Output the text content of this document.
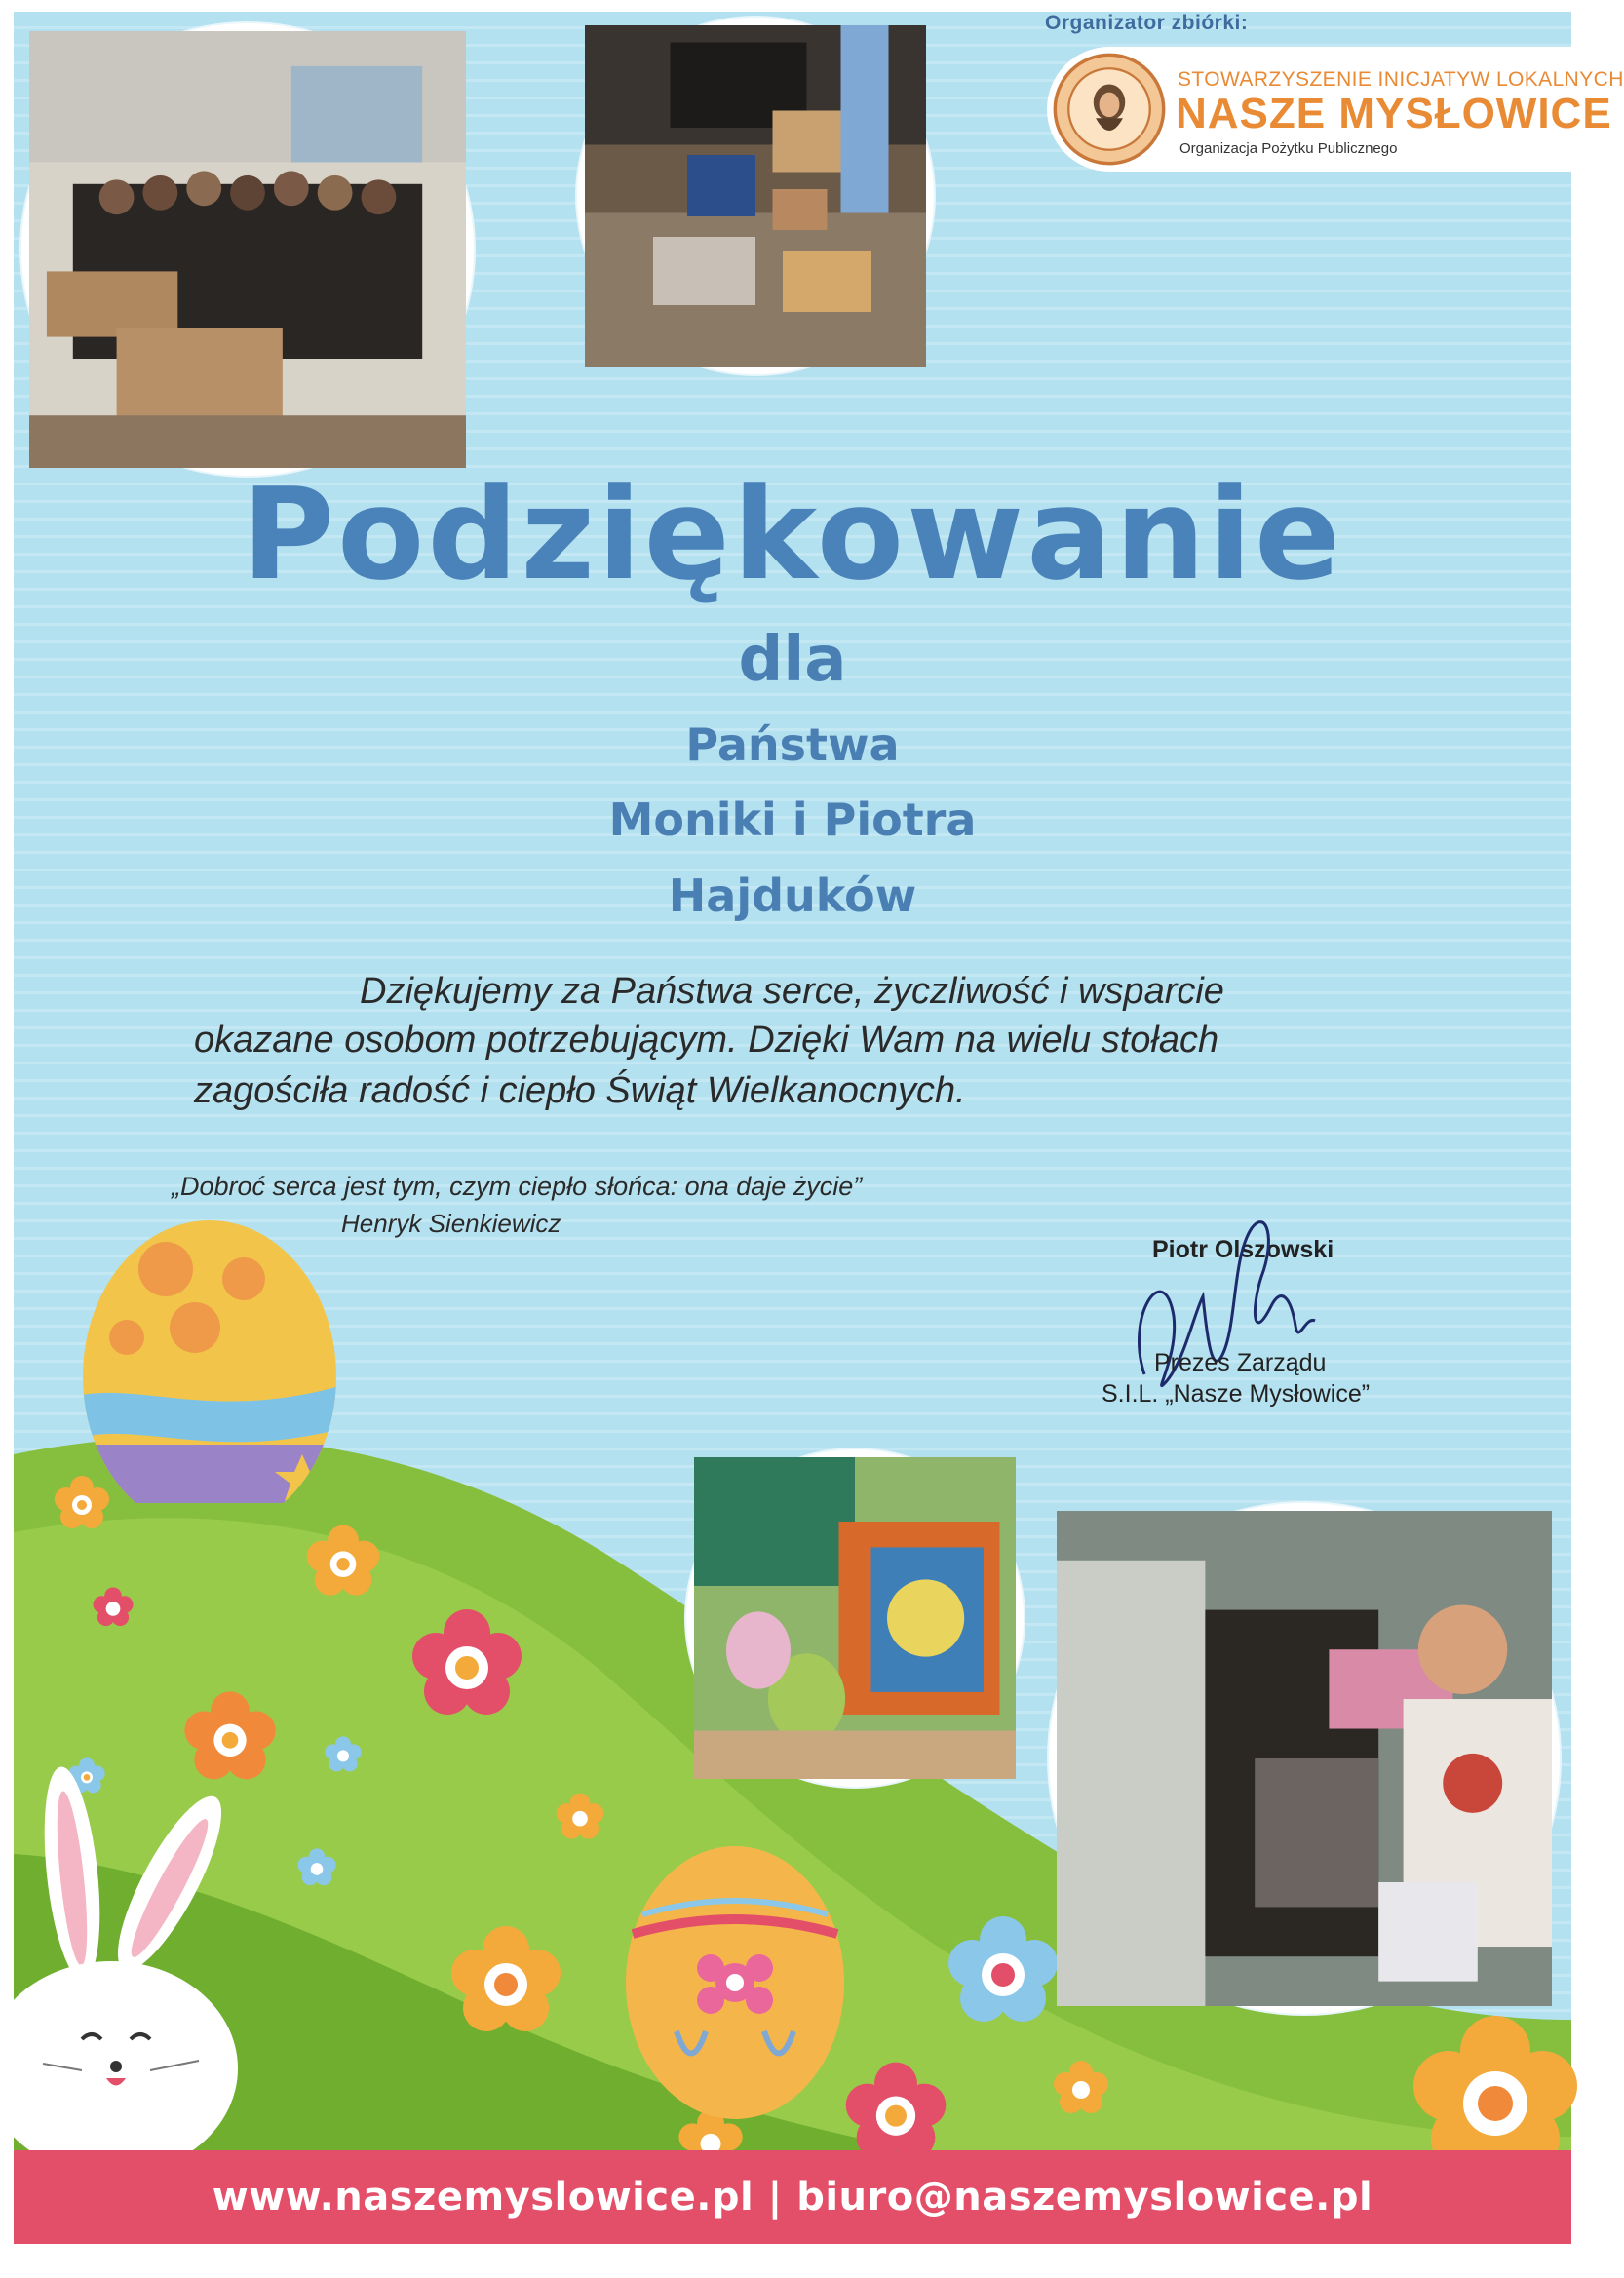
Organizator zbiórki:
STOWARZYSZENIE INICJATYW LOKALNYCH
NASZE MYSŁOWICE
Organizacja Pożytku Publicznego
Podziękowanie
dla
Państwa
Moniki i Piotra
Hajduków
Dziękujemy za Państwa serce, życzliwość i wsparcie
okazane osobom potrzebującym. Dzięki Wam na wielu stołach
zagościła radość i ciepło Świąt Wielkanocnych.
„Dobroć serca jest tym, czym ciepło słońca: ona daje życie”
Henryk Sienkiewicz
Piotr Olszowski
Prezes Zarządu
S.I.L. „Nasze Mysłowice”
www.naszemyslowice.pl | biuro@naszemyslowice.pl
